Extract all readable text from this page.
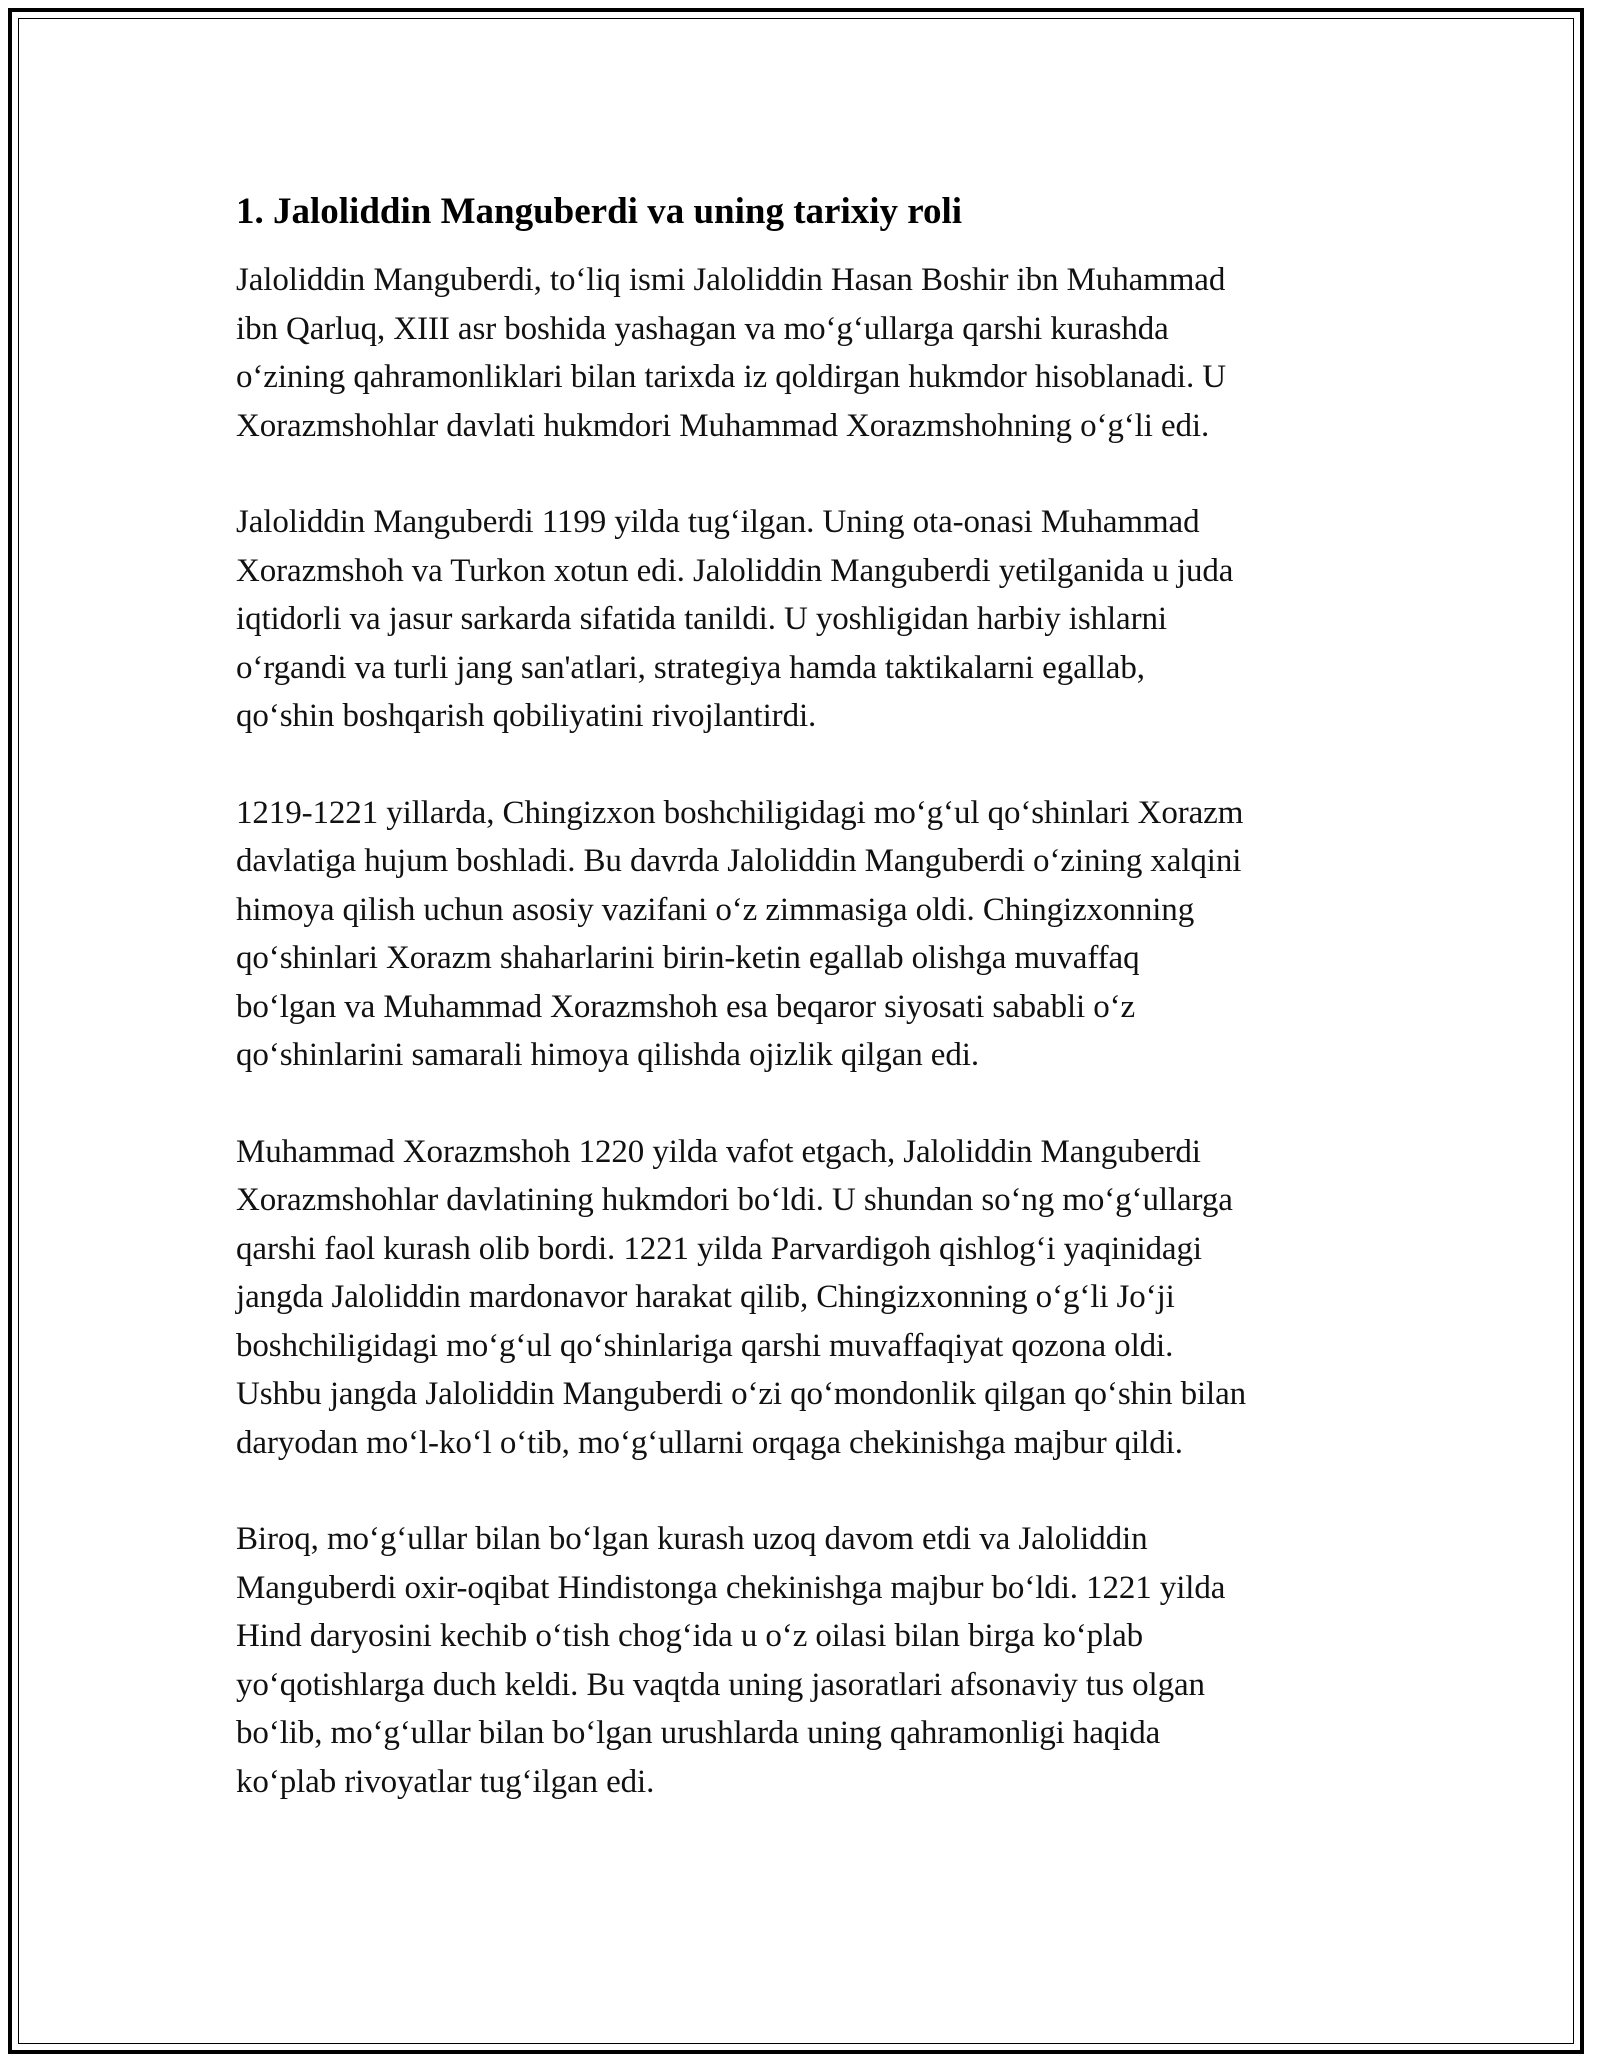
1. Jaloliddin Manguberdi va uning tarixiy roli

Jaloliddin Manguberdi, to‘liq ismi Jaloliddin Hasan Boshir ibn Muhammad
ibn Qarluq, XIII asr boshida yashagan va mo‘g‘ullarga qarshi kurashda
o‘zining qahramonliklari bilan tarixda iz qoldirgan hukmdor hisoblanadi. U
Xorazmshohlar davlati hukmdori Muhammad Xorazmshohning o‘g‘li edi.

Jaloliddin Manguberdi 1199 yilda tug‘ilgan. Uning ota-onasi Muhammad
Xorazmshoh va Turkon xotun edi. Jaloliddin Manguberdi yetilganida u juda
iqtidorli va jasur sarkarda sifatida tanildi. U yoshligidan harbiy ishlarni
o‘rgandi va turli jang san'atlari, strategiya hamda taktikalarni egallab,
qo‘shin boshqarish qobiliyatini rivojlantirdi.

1219-1221 yillarda, Chingizxon boshchiligidagi mo‘g‘ul qo‘shinlari Xorazm
davlatiga hujum boshladi. Bu davrda Jaloliddin Manguberdi o‘zining xalqini
himoya qilish uchun asosiy vazifani o‘z zimmasiga oldi. Chingizxonning
qo‘shinlari Xorazm shaharlarini birin-ketin egallab olishga muvaffaq
bo‘lgan va Muhammad Xorazmshoh esa beqaror siyosati sababli o‘z
qo‘shinlarini samarali himoya qilishda ojizlik qilgan edi.

Muhammad Xorazmshoh 1220 yilda vafot etgach, Jaloliddin Manguberdi
Xorazmshohlar davlatining hukmdori bo‘ldi. U shundan so‘ng mo‘g‘ullarga
qarshi faol kurash olib bordi. 1221 yilda Parvardigoh qishlog‘i yaqinidagi
jangda Jaloliddin mardonavor harakat qilib, Chingizxonning o‘g‘li Jo‘ji
boshchiligidagi mo‘g‘ul qo‘shinlariga qarshi muvaffaqiyat qozona oldi.
Ushbu jangda Jaloliddin Manguberdi o‘zi qo‘mondonlik qilgan qo‘shin bilan
daryodan mo‘l-ko‘l o‘tib, mo‘g‘ullarni orqaga chekinishga majbur qildi.

Biroq, mo‘g‘ullar bilan bo‘lgan kurash uzoq davom etdi va Jaloliddin
Manguberdi oxir-oqibat Hindistonga chekinishga majbur bo‘ldi. 1221 yilda
Hind daryosini kechib o‘tish chog‘ida u o‘z oilasi bilan birga ko‘plab
yo‘qotishlarga duch keldi. Bu vaqtda uning jasoratlari afsonaviy tus olgan
bo‘lib, mo‘g‘ullar bilan bo‘lgan urushlarda uning qahramonligi haqida
ko‘plab rivoyatlar tug‘ilgan edi.
